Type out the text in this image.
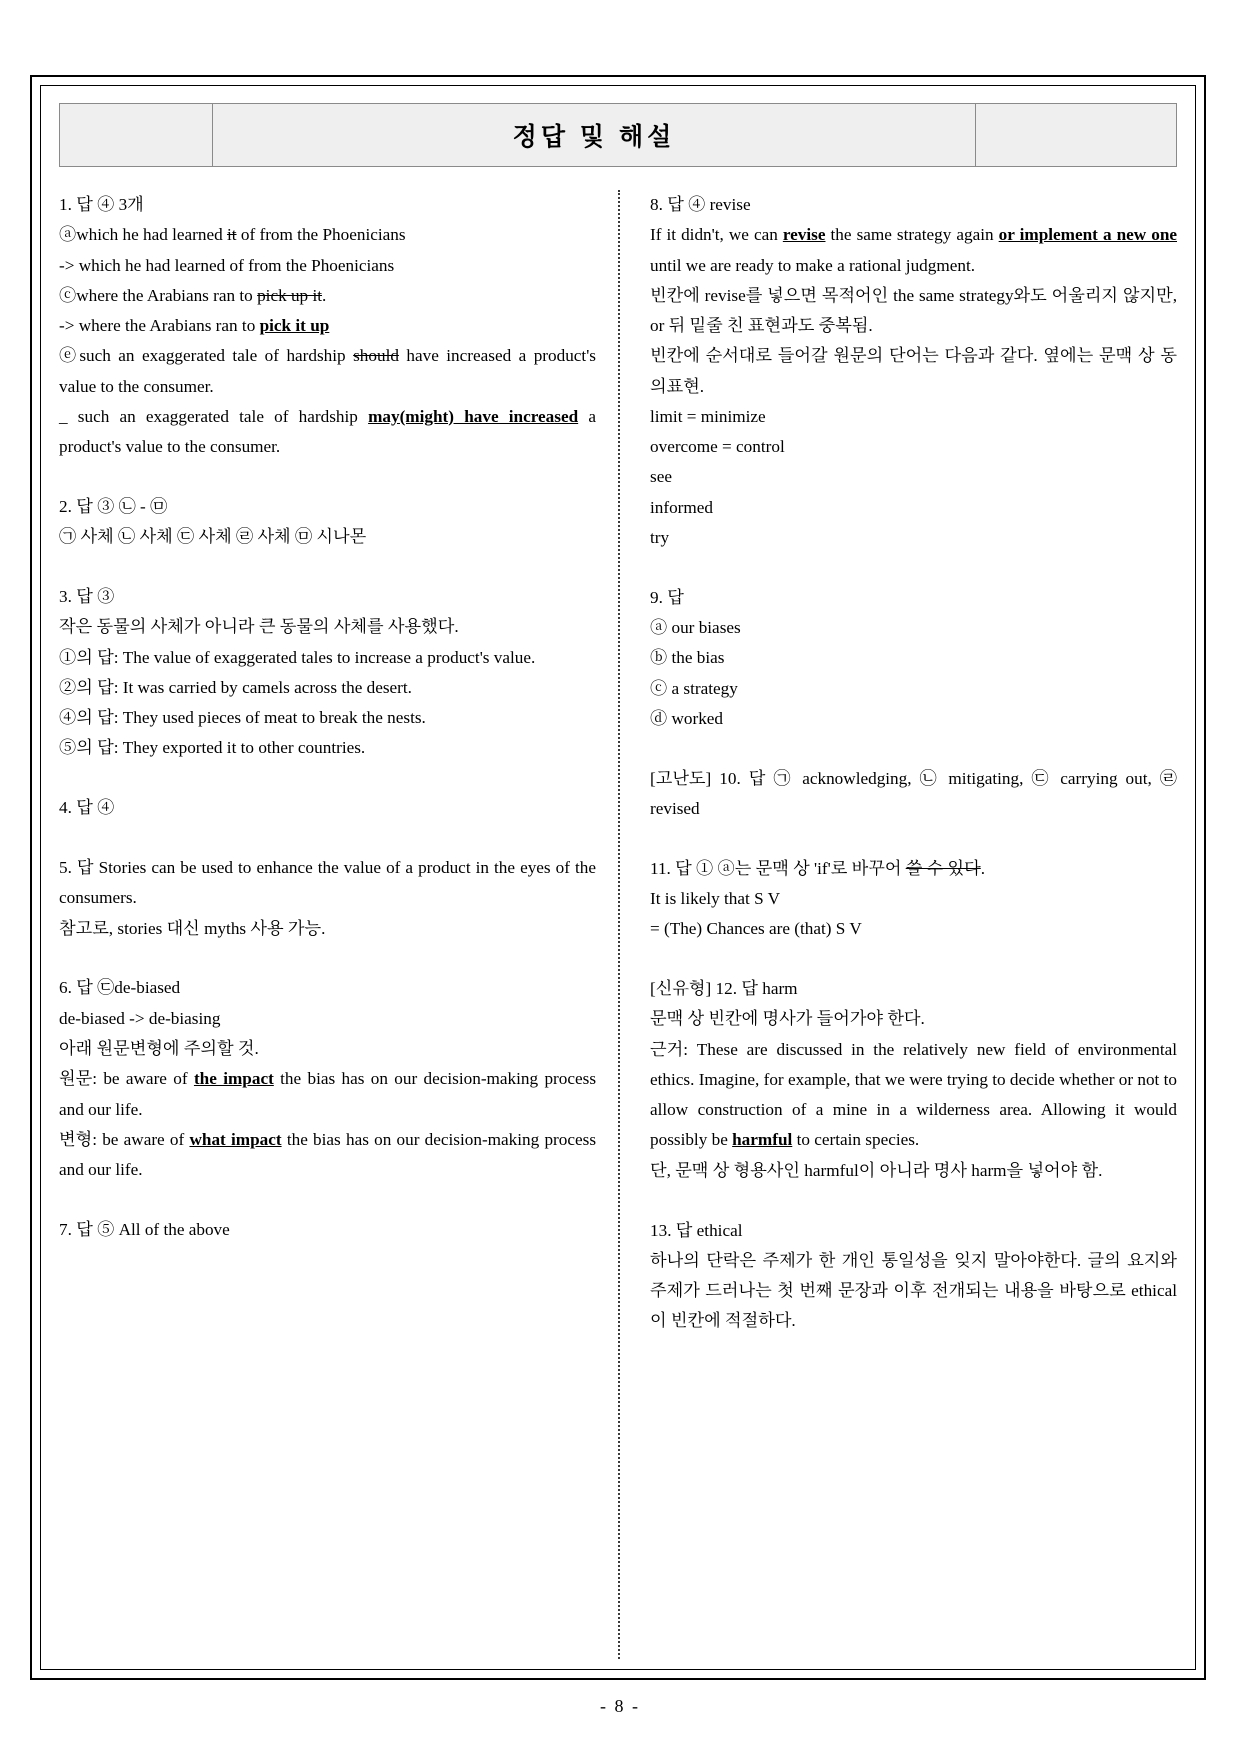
	정답 및 해설	

1. 답 ④ 3개

ⓐwhich he had learned it of from the Phoenicians

-> which he had learned of from the Phoenicians

ⓒwhere the Arabians ran to pick up it.

-> where the Arabians ran to pick it up

ⓔsuch an exaggerated tale of hardship should have increased a product's value to the consumer.

_ such an exaggerated tale of hardship may(might) have increased a product's value to the consumer.

2. 답 ③ ㉡ - ㉤

㉠ 사체 ㉡ 사체 ㉢ 사체 ㉣ 사체 ㉤ 시나몬

3. 답 ③

작은 동물의 사체가 아니라 큰 동물의 사체를 사용했다.

①의 답: The value of exaggerated tales to increase a product's value.

②의 답: It was carried by camels across the desert.

④의 답: They used pieces of meat to break the nests.

⑤의 답: They exported it to other countries.

4. 답 ④

5. 답 Stories can be used to enhance the value of a product in the eyes of the consumers.

참고로, stories 대신 myths 사용 가능.

6. 답 ㉢de-biased

de-biased -> de-biasing

아래 원문변형에 주의할 것.

원문: be aware of the impact the bias has on our decision-making process and our life.

변형: be aware of what impact the bias has on our decision-making process and our life.

7. 답 ⑤ All of the above

8. 답 ④ revise

If it didn't, we can revise the same strategy again or implement a new one until we are ready to make a rational judgment.

빈칸에 revise를 넣으면 목적어인 the same strategy와도 어울리지 않지만, or 뒤 밑줄 친 표현과도 중복됨.

빈칸에 순서대로 들어갈 원문의 단어는 다음과 같다. 옆에는 문맥 상 동의표현.

limit = minimize

overcome = control

see

informed

try

9. 답

ⓐ our biases

ⓑ the bias

ⓒ a strategy

ⓓ worked

[고난도] 10. 답 ㉠ acknowledging, ㉡ mitigating, ㉢ carrying out, ㉣ revised

11. 답 ① ⓐ는 문맥 상 'if'로 바꾸어 쓸 수 있다.

It is likely that S V

= (The) Chances are (that) S V

[신유형] 12. 답 harm

문맥 상 빈칸에 명사가 들어가야 한다.

근거: These are discussed in the relatively new field of environmental ethics. Imagine, for example, that we were trying to decide whether or not to allow construction of a mine in a wilderness area. Allowing it would possibly be harmful to certain species.

단, 문맥 상 형용사인 harmful이 아니라 명사 harm을 넣어야 함.

13. 답 ethical

하나의 단락은 주제가 한 개인 통일성을 잊지 말아야한다. 글의 요지와 주제가 드러나는 첫 번째 문장과 이후 전개되는 내용을 바탕으로 ethical이 빈칸에 적절하다.

- 8 -
